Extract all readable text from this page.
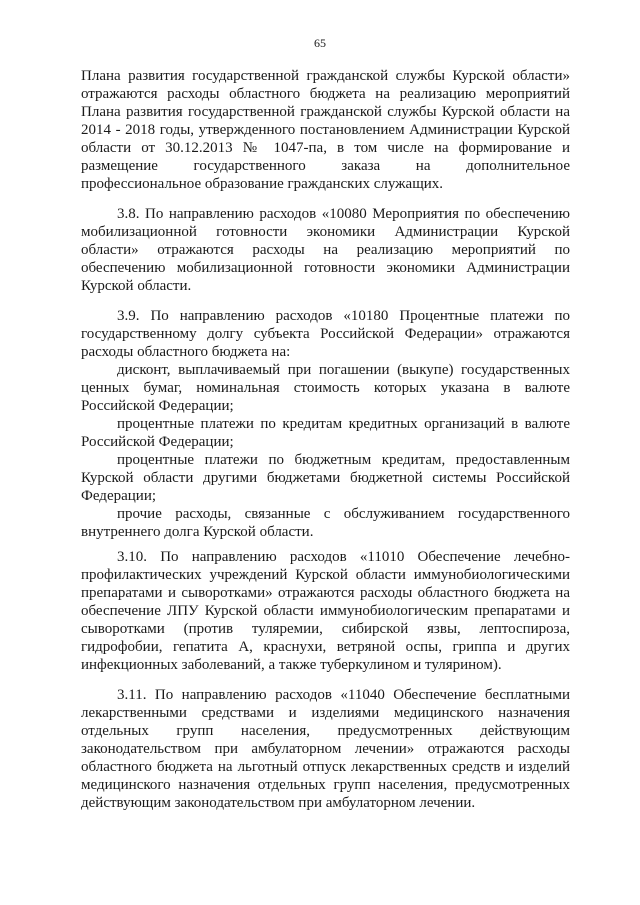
65
Плана развития государственной гражданской службы Курской области»
отражаются расходы областного бюджета на реализацию мероприятий
Плана развития государственной гражданской службы Курской области на
2014 - 2018 годы, утвержденного постановлением Администрации Курской
области от 30.12.2013 № 1047-па, в том числе на формирование и
размещение государственного заказа на дополнительное
профессиональное образование гражданских служащих.
3.8. По направлению расходов «10080 Мероприятия по обеспечению
мобилизационной готовности экономики Администрации Курской
области» отражаются расходы на реализацию мероприятий по
обеспечению мобилизационной готовности экономики Администрации
Курской области.
3.9. По направлению расходов «10180 Процентные платежи по
государственному долгу субъекта Российской Федерации» отражаются
расходы областного бюджета на:
дисконт, выплачиваемый при погашении (выкупе) государственных
ценных бумаг, номинальная стоимость которых указана в валюте
Российской Федерации;
процентные платежи по кредитам кредитных организаций в валюте
Российской Федерации;
процентные платежи по бюджетным кредитам, предоставленным
Курской области другими бюджетами бюджетной системы Российской
Федерации;
прочие расходы, связанные с обслуживанием государственного
внутреннего долга Курской области.
3.10. По направлению расходов «11010 Обеспечение лечебно-
профилактических учреждений Курской области иммунобиологическими
препаратами и сыворотками» отражаются расходы областного бюджета на
обеспечение ЛПУ Курской области иммунобиологическим препаратами и
сыворотками (против туляремии, сибирской язвы, лептоспироза,
гидрофобии, гепатита А, краснухи, ветряной оспы, гриппа и других
инфекционных заболеваний, а также туберкулином и тулярином).
3.11. По направлению расходов «11040 Обеспечение бесплатными
лекарственными средствами и изделиями медицинского назначения
отдельных групп населения, предусмотренных действующим
законодательством при амбулаторном лечении» отражаются расходы
областного бюджета на льготный отпуск лекарственных средств и изделий
медицинского назначения отдельных групп населения, предусмотренных
действующим законодательством при амбулаторном лечении.
